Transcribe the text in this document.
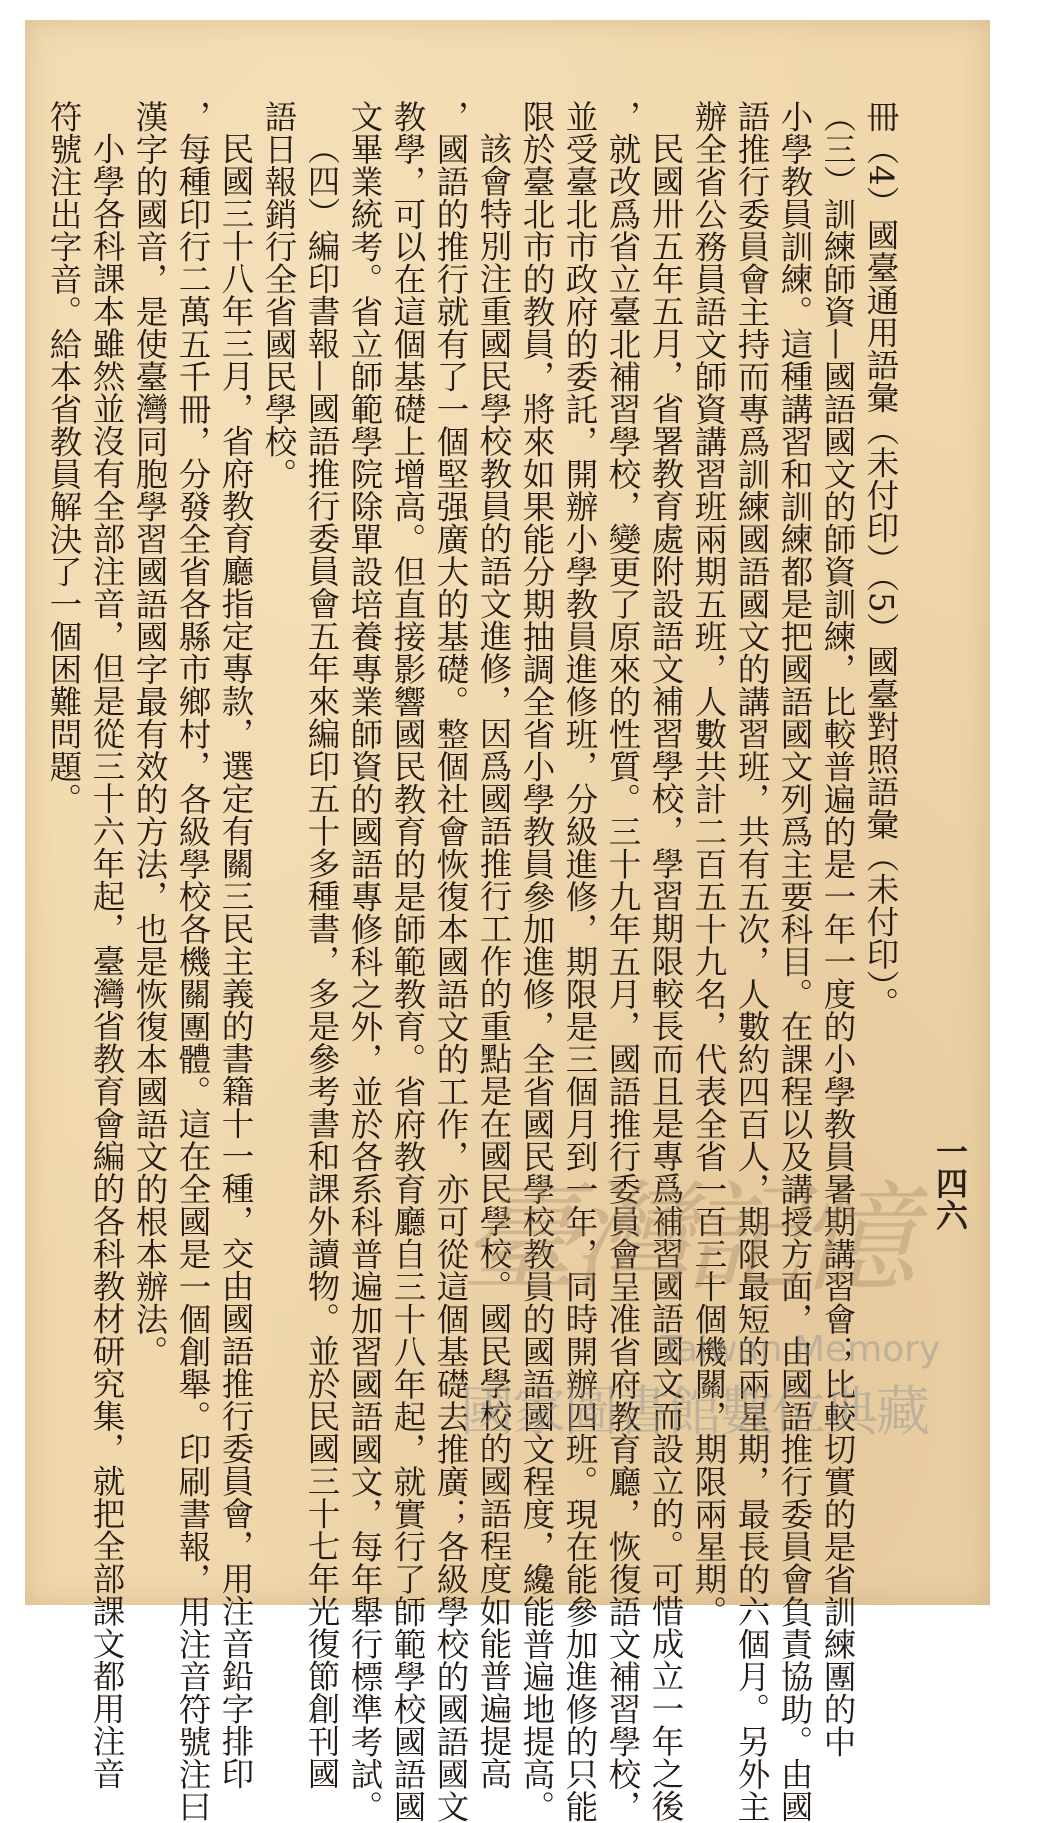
一四六
冊（4）國臺通用語彙（未付印）（5）國臺對照語彙（未付印）。
（三）訓練師資—國語國文的師資訓練，比較普遍的是一年一度的小學教員暑期講習會；比較切實的是省訓練團的中
小學教員訓練。這種講習和訓練都是把國語國文列爲主要科目。在課程以及講授方面，由國語推行委員會負責協助。由國
語推行委員會主持而專爲訓練國語國文的講習班，共有五次，人數約四百人，期限最短的兩星期，最長的六個月。另外主
辦全省公務員語文師資講習班兩期五班，人數共計二百五十九名，代表全省一百三十個機關，期限兩星期。
民國卅五年五月，省署教育處附設語文補習學校，學習期限較長而且是專爲補習國語國文而設立的。可惜成立一年之後
，就改爲省立臺北補習學校，變更了原來的性質。三十九年五月，國語推行委員會呈准省府教育廳，恢復語文補習學校，
並受臺北市政府的委託，開辦小學教員進修班，分級進修，期限是三個月到一年，同時開辦四班。現在能參加進修的只能
限於臺北市的教員，將來如果能分期抽調全省小學教員參加進修，全省國民學校教員的國語國文程度，纔能普遍地提高。
該會特別注重國民學校教員的語文進修，因爲國語推行工作的重點是在國民學校。國民學校的國語程度如能普遍提高
，國語的推行就有了一個堅强廣大的基礎。整個社會恢復本國語文的工作，亦可從這個基礎去推廣；各級學校的國語國文
教學，可以在這個基礎上增高。但直接影響國民教育的是師範教育。省府教育廳自三十八年起，就實行了師範學校國語國
文畢業統考。省立師範學院除單設培養專業師資的國語專修科之外，並於各系科普遍加習國語國文，每年舉行標準考試。
（四）編印書報—國語推行委員會五年來編印五十多種書，多是參考書和課外讀物。並於民國三十七年光復節創刊國
語日報銷行全省國民學校。
民國三十八年三月，省府教育廳指定專款，選定有關三民主義的書籍十一種，交由國語推行委員會，用注音鉛字排印
，每種印行二萬五千冊，分發全省各縣市鄉村，各級學校各機關團體。這在全國是一個創舉。印刷書報，用注音符號注曰
漢字的國音，是使臺灣同胞學習國語國字最有效的方法，也是恢復本國語文的根本辦法。
小學各科課本雖然並沒有全部注音，但是從三十六年起，臺灣省教育會編的各科教材研究集，就把全部課文都用注音
符號注出字音。給本省教員解決了一個困難問題。
臺灣記憶
Taiwan Memory
國家圖書館數位典藏
